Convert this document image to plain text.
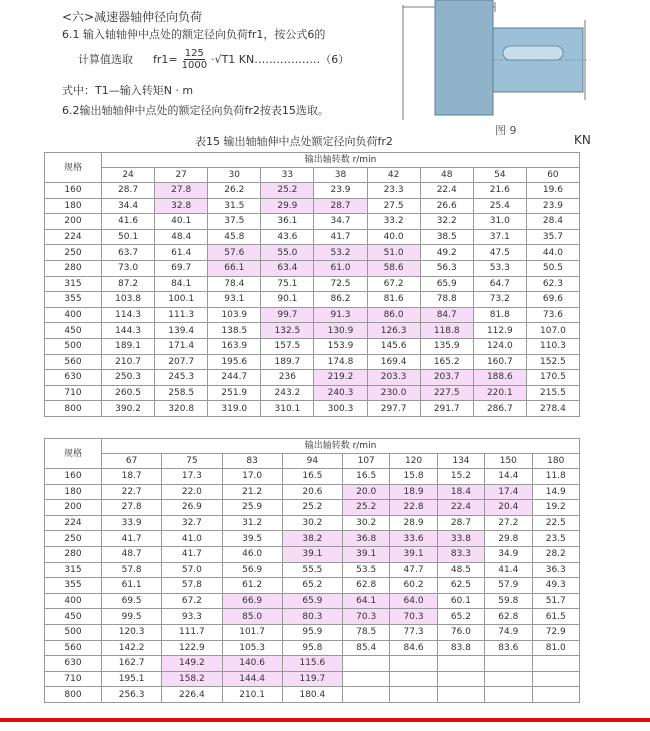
<六>减速器轴伸径向负荷
6.1 输入轴轴伸中点处的额定径向负荷fr1，按公式6的
计算值选取 $fr1= \frac{125}{1000} \cdot√T1$ KN………………（6）
式中：T1—输入转矩N · m
6.2输出轴轴伸中点处的额定径向负荷fr2按表15选取。
图 9
表15 输出轴轴伸中点处额定径向负荷fr2	KN
规格	输出轴转数 r/min								
	24	27	30	33	38	42	48	54	60
160	28.7	27.8	26.2	25.2	23.9	23.3	22.4	21.6	19.6
180	34.4	32.8	31.5	29.9	28.7	27.5	26.6	25.4	23.9
200	41.6	40.1	37.5	36.1	34.7	33.2	32.2	31.0	28.4
224	50.1	48.4	45.8	43.6	41.7	40.0	38.5	37.1	35.7
250	63.7	61.4	57.6	55.0	53.2	51.0	49.2	47.5	44.0
280	73.0	69.7	66.1	63.4	61.0	58.6	56.3	53.3	50.5
315	87.2	84.1	78.4	75.1	72.5	67.2	65.9	64.7	62.3
355	103.8	100.1	93.1	90.1	86.2	81.6	78.8	73.2	69.6
400	114.3	111.3	103.9	99.7	91.3	86.0	84.7	81.8	73.6
450	144.3	139.4	138.5	132.5	130.9	126.3	118.8	112.9	107.0
500	189.1	171.4	163.9	157.5	153.9	145.6	135.9	124.0	110.3
560	210.7	207.7	195.6	189.7	174.8	169.4	165.2	160.7	152.5
630	250.3	245.3	244.7	236	219.2	203.3	203.7	188.6	170.5
710	260.5	258.5	251.9	243.2	240.3	230.0	227.5	220.1	215.5
800	390.2	320.8	319.0	310.1	300.3	297.7	291.7	286.7	278.4
规格	输出轴转数 r/min								
	67	75	83	94	107	120	134	150	180
160	18.7	17.3	17.0	16.5	16.5	15.8	15.2	14.4	11.8
180	22.7	22.0	21.2	20.6	20.0	18.9	18.4	17.4	14.9
200	27.8	26.9	25.9	25.2	25.2	22.8	22.4	20.4	19.2
224	33.9	32.7	31.2	30.2	30.2	28.9	28.7	27.2	22.5
250	41.7	41.0	39.5	38.2	36.8	33.6	33.8	29.8	23.5
280	48.7	41.7	46.0	39.1	39.1	39.1	83.3	34.9	28.2
315	57.8	57.0	56.9	55.5	53.5	47.7	48.5	41.4	36.3
355	61.1	57.8	61.2	65.2	62.8	60.2	62.5	57.9	49.3
400	69.5	67.2	66.9	65.9	64.1	64.0	60.1	59.8	51.7
450	99.5	93.3	85.0	80.3	70.3	70.3	65.2	62.8	61.5
500	120.3	111.7	101.7	95.9	78.5	77.3	76.0	74.9	72.9
560	142.2	122.9	105.3	95.8	85.4	84.6	83.8	83.6	81.0
630	162.7	149.2	140.6	115.6					
710	195.1	158.2	144.4	119.7					
800	256.3	226.4	210.1	180.4					
